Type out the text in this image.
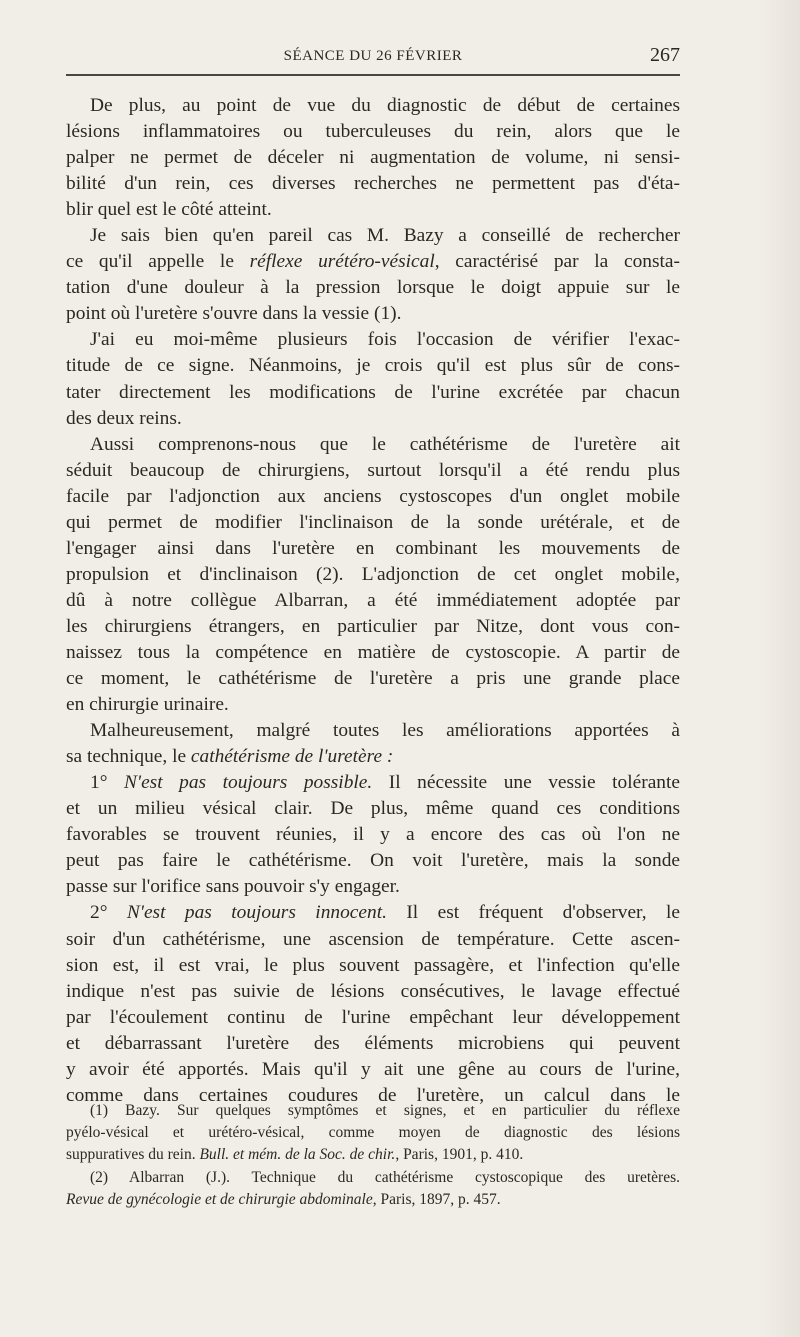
SÉANCE DU 26 FÉVRIER	267
De plus, au point de vue du diagnostic de début de certaines
lésions inflammatoires ou tuberculeuses du rein, alors que le
palper ne permet de déceler ni augmentation de volume, ni sensi-
bilité d'un rein, ces diverses recherches ne permettent pas d'éta-
blir quel est le côté atteint.
Je sais bien qu'en pareil cas M. Bazy a conseillé de rechercher
ce qu'il appelle le réflexe urétéro-vésical, caractérisé par la consta-
tation d'une douleur à la pression lorsque le doigt appuie sur le
point où l'uretère s'ouvre dans la vessie (1).
J'ai eu moi-même plusieurs fois l'occasion de vérifier l'exac-
titude de ce signe. Néanmoins, je crois qu'il est plus sûr de cons-
tater directement les modifications de l'urine excrétée par chacun
des deux reins.
Aussi comprenons-nous que le cathétérisme de l'uretère ait
séduit beaucoup de chirurgiens, surtout lorsqu'il a été rendu plus
facile par l'adjonction aux anciens cystoscopes d'un onglet mobile
qui permet de modifier l'inclinaison de la sonde urétérale, et de
l'engager ainsi dans l'uretère en combinant les mouvements de
propulsion et d'inclinaison (2). L'adjonction de cet onglet mobile,
dû à notre collègue Albarran, a été immédiatement adoptée par
les chirurgiens étrangers, en particulier par Nitze, dont vous con-
naissez tous la compétence en matière de cystoscopie. A partir de
ce moment, le cathétérisme de l'uretère a pris une grande place
en chirurgie urinaire.
Malheureusement, malgré toutes les améliorations apportées à
sa technique, le cathétérisme de l'uretère :
1° N'est pas toujours possible. Il nécessite une vessie tolérante
et un milieu vésical clair. De plus, même quand ces conditions
favorables se trouvent réunies, il y a encore des cas où l'on ne
peut pas faire le cathétérisme. On voit l'uretère, mais la sonde
passe sur l'orifice sans pouvoir s'y engager.
2° N'est pas toujours innocent. Il est fréquent d'observer, le
soir d'un cathétérisme, une ascension de température. Cette ascen-
sion est, il est vrai, le plus souvent passagère, et l'infection qu'elle
indique n'est pas suivie de lésions consécutives, le lavage effectué
par l'écoulement continu de l'urine empêchant leur développement
et débarrassant l'uretère des éléments microbiens qui peuvent
y avoir été apportés. Mais qu'il y ait une gêne au cours de l'urine,
comme dans certaines coudures de l'uretère, un calcul dans le
(1) Bazy. Sur quelques symptômes et signes, et en particulier du réflexe
pyélo-vésical et urétéro-vésical, comme moyen de diagnostic des lésions
suppuratives du rein. Bull. et mém. de la Soc. de chir., Paris, 1901, p. 410.
(2) Albarran (J.). Technique du cathétérisme cystoscopique des uretères.
Revue de gynécologie et de chirurgie abdominale, Paris, 1897, p. 457.
